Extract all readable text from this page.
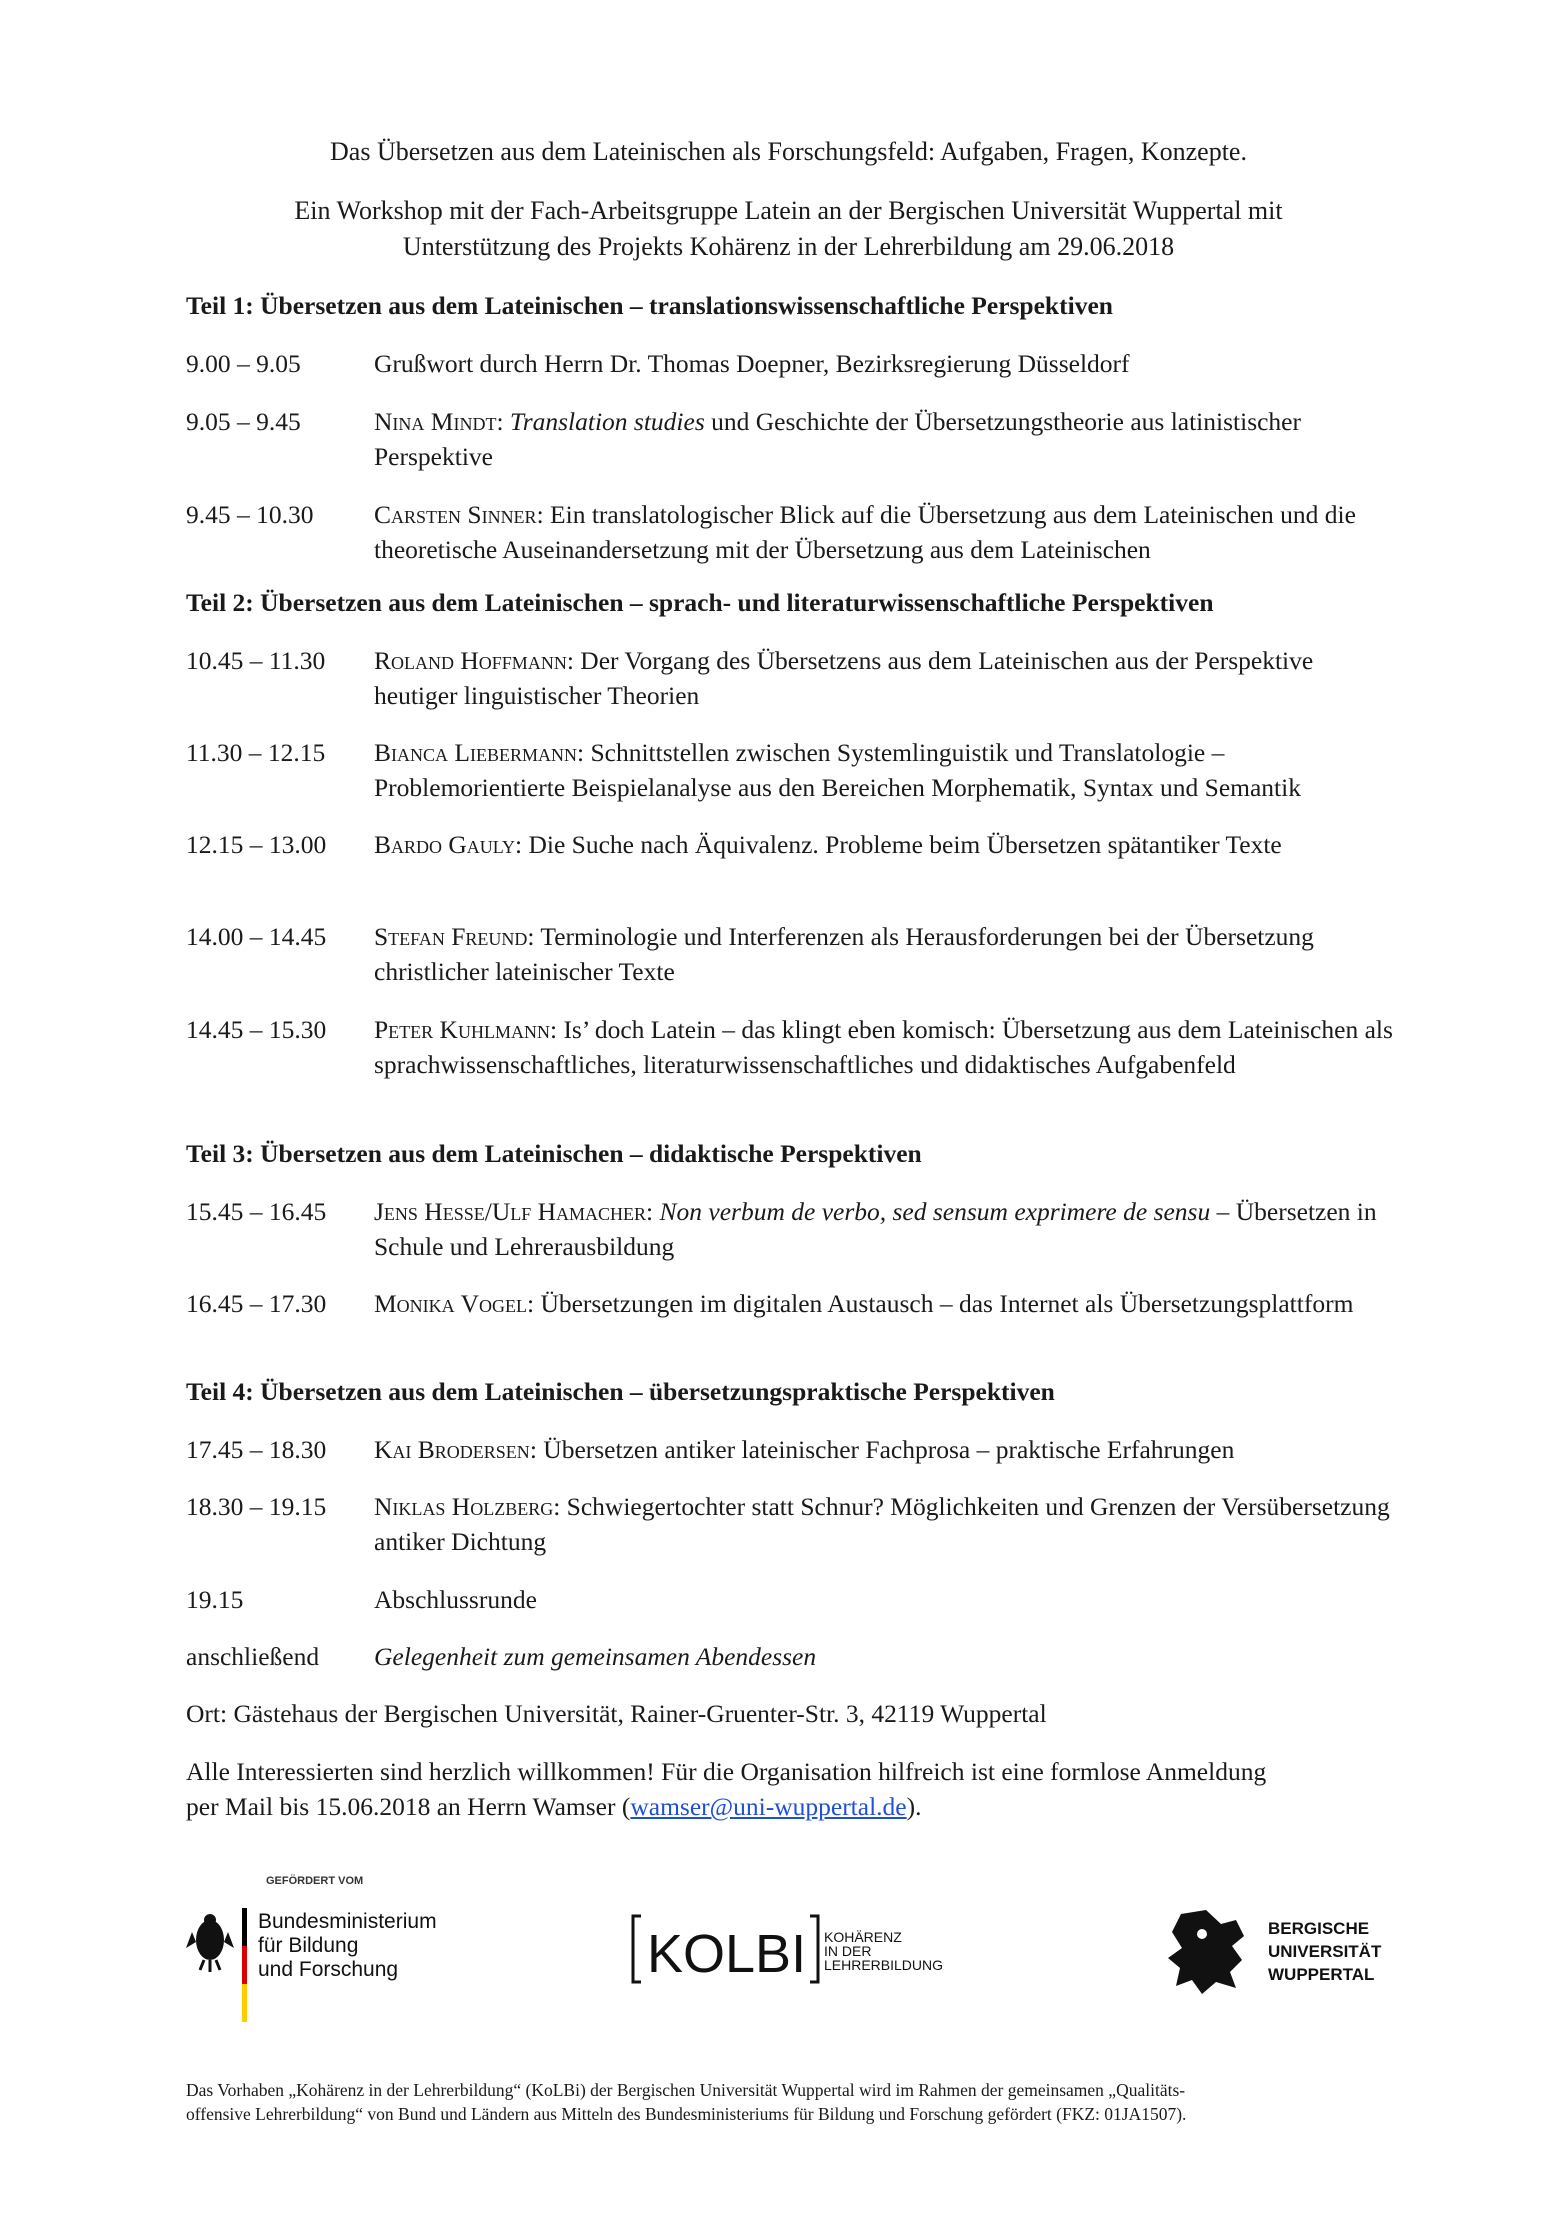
Das Übersetzen aus dem Lateinischen als Forschungsfeld: Aufgaben, Fragen, Konzepte.
Ein Workshop mit der Fach-Arbeitsgruppe Latein an der Bergischen Universität Wuppertal mit
Unterstützung des Projekts Kohärenz in der Lehrerbildung am 29.06.2018
Teil 1: Übersetzen aus dem Lateinischen – translationswissenschaftliche Perspektiven
9.00 – 9.05	Grußwort durch Herrn Dr. Thomas Doepner, Bezirksregierung Düsseldorf
9.05 – 9.45	Nina Mindt: Translation studies und Geschichte der Übersetzungstheorie aus latinistischer Perspektive
9.45 – 10.30	Carsten Sinner: Ein translatologischer Blick auf die Übersetzung aus dem Lateinischen und die theoretische Auseinandersetzung mit der Übersetzung aus dem Lateinischen
Teil 2: Übersetzen aus dem Lateinischen – sprach- und literaturwissenschaftliche Perspektiven
10.45 – 11.30	Roland Hoffmann: Der Vorgang des Übersetzens aus dem Lateinischen aus der Perspektive heutiger linguistischer Theorien
11.30 – 12.15	Bianca Liebermann: Schnittstellen zwischen Systemlinguistik und Translatologie – Problemorientierte Beispielanalyse aus den Bereichen Morphematik, Syntax und Semantik
12.15 – 13.00	Bardo Gauly: Die Suche nach Äquivalenz. Probleme beim Übersetzen spätantiker Texte
14.00 – 14.45	Stefan Freund: Terminologie und Interferenzen als Herausforderungen bei der Übersetzung christlicher lateinischer Texte
14.45 – 15.30	Peter Kuhlmann: Is’ doch Latein – das klingt eben komisch: Übersetzung aus dem Lateinischen als sprachwissenschaftliches, literaturwissenschaftliches und didaktisches Aufgabenfeld
Teil 3: Übersetzen aus dem Lateinischen – didaktische Perspektiven
15.45 – 16.45	Jens Heße/Ulf Hamacher: Non verbum de verbo, sed sensum exprimere de sensu – Übersetzen in Schule und Lehrerausbildung
16.45 – 17.30	Monika Vogel: Übersetzungen im digitalen Austausch – das Internet als Übersetzungsplattform
Teil 4: Übersetzen aus dem Lateinischen – übersetzungspraktische Perspektiven
17.45 – 18.30	Kai Brodersen: Übersetzen antiker lateinischer Fachprosa – praktische Erfahrungen
18.30 – 19.15	Niklas Holzberg: Schwiegertochter statt Schnur? Möglichkeiten und Grenzen der Versübersetzung antiker Dichtung
19.15	Abschlussrunde
anschließend	Gelegenheit zum gemeinsamen Abendessen
Ort: Gästehaus der Bergischen Universität, Rainer-Gruenter-Str. 3, 42119 Wuppertal
Alle Interessierten sind herzlich willkommen! Für die Organisation hilfreich ist eine formlose Anmeldung
per Mail bis 15.06.2018 an Herrn Wamser (wamser@uni-wuppertal.de).
GEFÖRDERT VOM
Bundesministerium
für Bildung
und Forschung	KOLBI KOHÄRENZ
IN DER
LEHRERBILDUNG
BERGISCHE
UNIVERSITÄT
WUPPERTAL
Das Vorhaben „Kohärenz in der Lehrerbildung“ (KoLBi) der Bergischen Universität Wuppertal wird im Rahmen der gemeinsamen „Qualitäts-
offensive Lehrerbildung“ von Bund und Ländern aus Mitteln des Bundesministeriums für Bildung und Forschung gefördert (FKZ: 01JA1507).
